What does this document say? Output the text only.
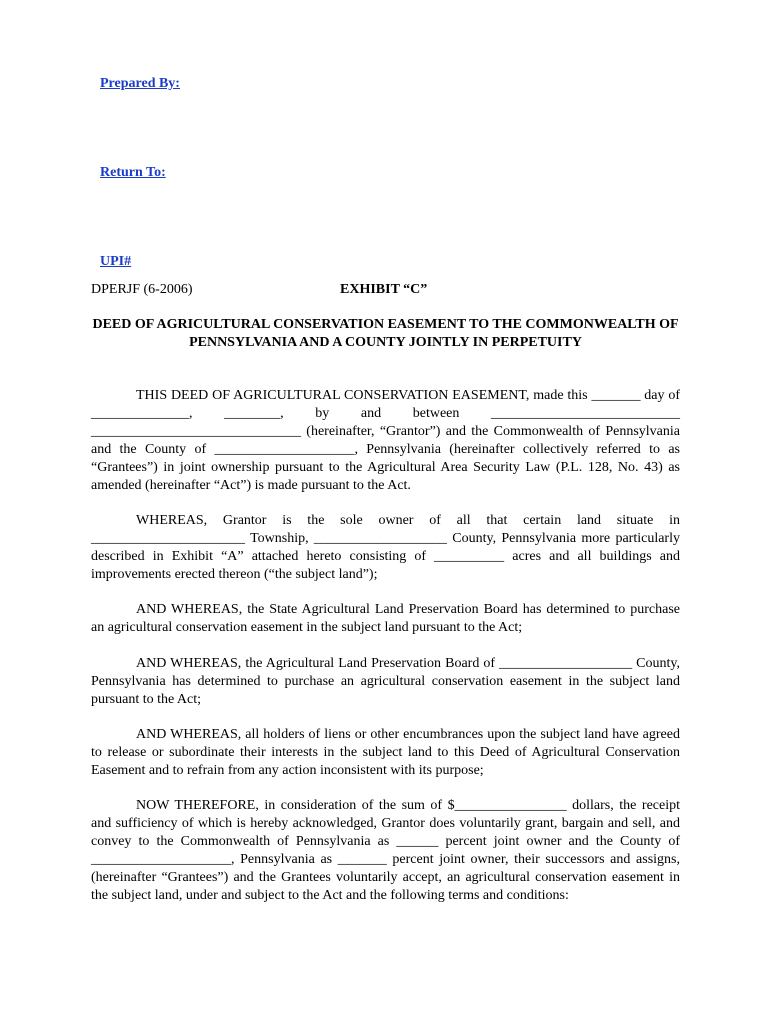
Prepared By:

Return To:

UPI#

DPERJF (6-2006)	EXHIBIT “C”

DEED OF AGRICULTURAL CONSERVATION EASEMENT TO THE COMMONWEALTH OF PENNSYLVANIA AND A COUNTY JOINTLY IN PERPETUITY

THIS DEED OF AGRICULTURAL CONSERVATION EASEMENT, made this _______ day of ______________, ________, by and between ___________________________ ______________________________ (hereinafter, “Grantor”) and the Commonwealth of Pennsylvania and the County of ____________________, Pennsylvania (hereinafter collectively referred to as “Grantees”) in joint ownership pursuant to the Agricultural Area Security Law (P.L. 128, No. 43) as amended (hereinafter “Act”) is made pursuant to the Act.

WHEREAS, Grantor is the sole owner of all that certain land situate in ______________________ Township, ___________________ County, Pennsylvania more particularly described in Exhibit “A” attached hereto consisting of __________ acres and all buildings and improvements erected thereon (“the subject land”);

AND WHEREAS, the State Agricultural Land Preservation Board has determined to purchase an agricultural conservation easement in the subject land pursuant to the Act;

AND WHEREAS, the Agricultural Land Preservation Board of ___________________ County, Pennsylvania has determined to purchase an agricultural conservation easement in the subject land pursuant to the Act;

AND WHEREAS, all holders of liens or other encumbrances upon the subject land have agreed to release or subordinate their interests in the subject land to this Deed of Agricultural Conservation Easement and to refrain from any action inconsistent with its purpose;

NOW THEREFORE, in consideration of the sum of $________________ dollars, the receipt and sufficiency of which is hereby acknowledged, Grantor does voluntarily grant, bargain and sell, and convey to the Commonwealth of Pennsylvania as ______ percent joint owner and the County of ____________________, Pennsylvania as _______ percent joint owner, their successors and assigns, (hereinafter “Grantees”) and the Grantees voluntarily accept, an agricultural conservation easement in the subject land, under and subject to the Act and the following terms and conditions:
